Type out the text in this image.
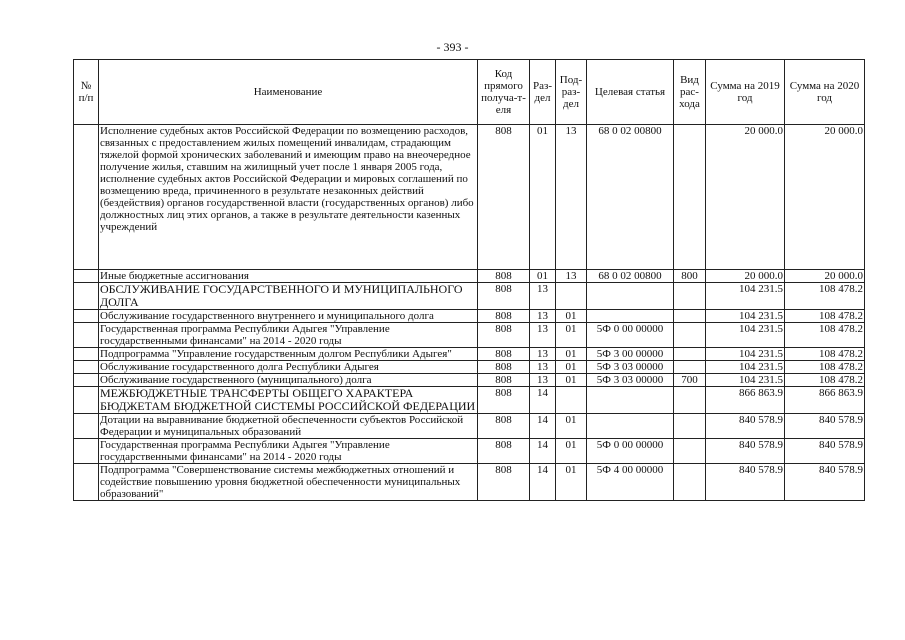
- 393 -
№ п/п	Наименование	Код прямого получа-т-еля	Раз-дел	Под-раз-дел	Целевая статья	Вид рас-хода	Сумма на 2019 год	Сумма на 2020 год
	Исполнение судебных актов Российской Федерации по возмещению расходов, связанных с предоставлением жилых помещений инвалидам, страдающим тяжелой формой хронических заболеваний и имеющим право на внеочередное получение жилья, ставшим на жилищный учет после 1 января 2005 года, исполнение судебных актов Российской Федерации и мировых соглашений по возмещению вреда, причиненного в результате незаконных действий (бездействия) органов государственной власти (государственных органов) либо должностных лиц этих органов, а также в результате деятельности казенных учреждений	808	01	13	68 0 02 00800		20 000.0	20 000.0
	Иные бюджетные ассигнования	808	01	13	68 0 02 00800	800	20 000.0	20 000.0
	ОБСЛУЖИВАНИЕ ГОСУДАРСТВЕННОГО И МУНИЦИПАЛЬНОГО ДОЛГА	808	13				104 231.5	108 478.2
	Обслуживание государственного внутреннего и муниципального долга	808	13	01			104 231.5	108 478.2
	Государственная программа Республики Адыгея "Управление государственными финансами" на 2014 - 2020 годы	808	13	01	5Ф 0 00 00000		104 231.5	108 478.2
	Подпрограмма "Управление государственным долгом Республики Адыгея"	808	13	01	5Ф 3 00 00000		104 231.5	108 478.2
	Обслуживание государственного долга Республики Адыгея	808	13	01	5Ф 3 03 00000		104 231.5	108 478.2
	Обслуживание государственного (муниципального) долга	808	13	01	5Ф 3 03 00000	700	104 231.5	108 478.2
	МЕЖБЮДЖЕТНЫЕ ТРАНСФЕРТЫ ОБЩЕГО ХАРАКТЕРА БЮДЖЕТАМ БЮДЖЕТНОЙ СИСТЕМЫ РОССИЙСКОЙ ФЕДЕРАЦИИ	808	14				866 863.9	866 863.9
	Дотации на выравнивание бюджетной обеспеченности субъектов Российской Федерации и муниципальных образований	808	14	01			840 578.9	840 578.9
	Государственная программа Республики Адыгея "Управление государственными финансами" на 2014 - 2020 годы	808	14	01	5Ф 0 00 00000		840 578.9	840 578.9
	Подпрограмма "Совершенствование системы межбюджетных отношений и содействие повышению уровня бюджетной обеспеченности муниципальных образований"	808	14	01	5Ф 4 00 00000		840 578.9	840 578.9
